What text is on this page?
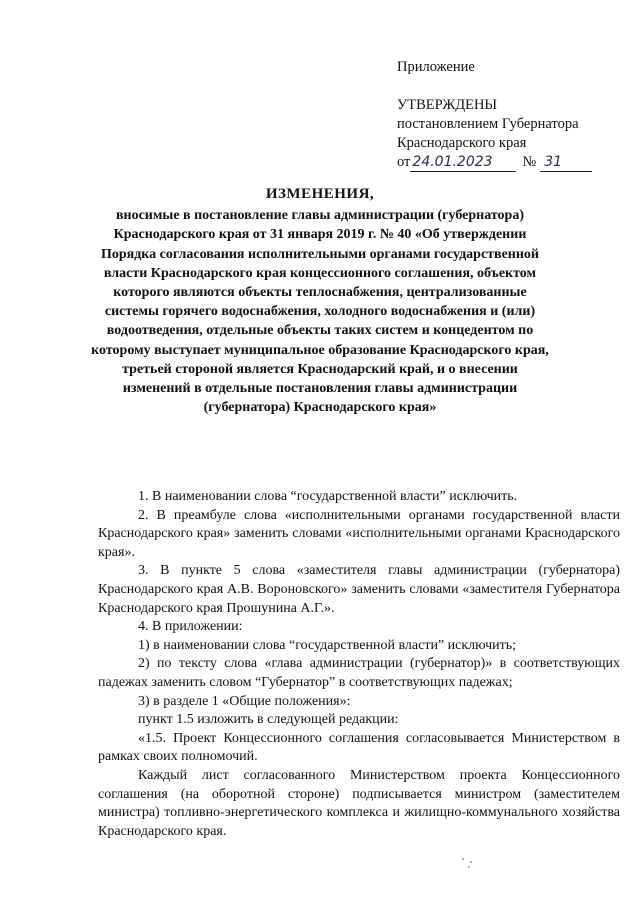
Приложение
УТВЕРЖДЕНЫ
постановлением Губернатора
Краснодарского края
от 24.01.2023 № 31
ИЗМЕНЕНИЯ,

вносимые в постановление главы администрации (губернатора) Краснодарского края от 31 января 2019 г. № 40 «Об утверждении Порядка согласования исполнительными органами государственной власти Краснодарского края концессионного соглашения, объектом которого являются объекты теплоснабжения, централизованные системы горячего водоснабжения, холодного водоснабжения и (или) водоотведения, отдельные объекты таких систем и концедентом по которому выступает муниципальное образование Краснодарского края, третьей стороной является Краснодарский край, и о внесении изменений в отдельные постановления главы администрации (губернатора) Краснодарского края»

1. В наименовании слова “государственной власти” исключить.

2. В преамбуле слова «исполнительными органами государственной власти Краснодарского края» заменить словами «исполнительными органами Краснодарского края».

3. В пункте 5 слова «заместителя главы администрации (губернатора) Краснодарского края А.В. Вороновского» заменить словами «заместителя Губернатора Краснодарского края Прошунина А.Г.».

4. В приложении:

1) в наименовании слова “государственной власти” исключить;

2) по тексту слова «глава администрации (губернатор)» в соответствующих падежах заменить словом “Губернатор” в соответствующих падежах;

3) в разделе 1 «Общие положения»:

пункт 1.5 изложить в следующей редакции:

«1.5. Проект Концессионного соглашения согласовывается Министерством в рамках своих полномочий.

Каждый лист согласованного Министерством проекта Концессионного соглашения (на оборотной стороне) подписывается министром (заместителем министра) топливно-энергетического комплекса и жилищно-коммунального хозяйства Краснодарского края.
